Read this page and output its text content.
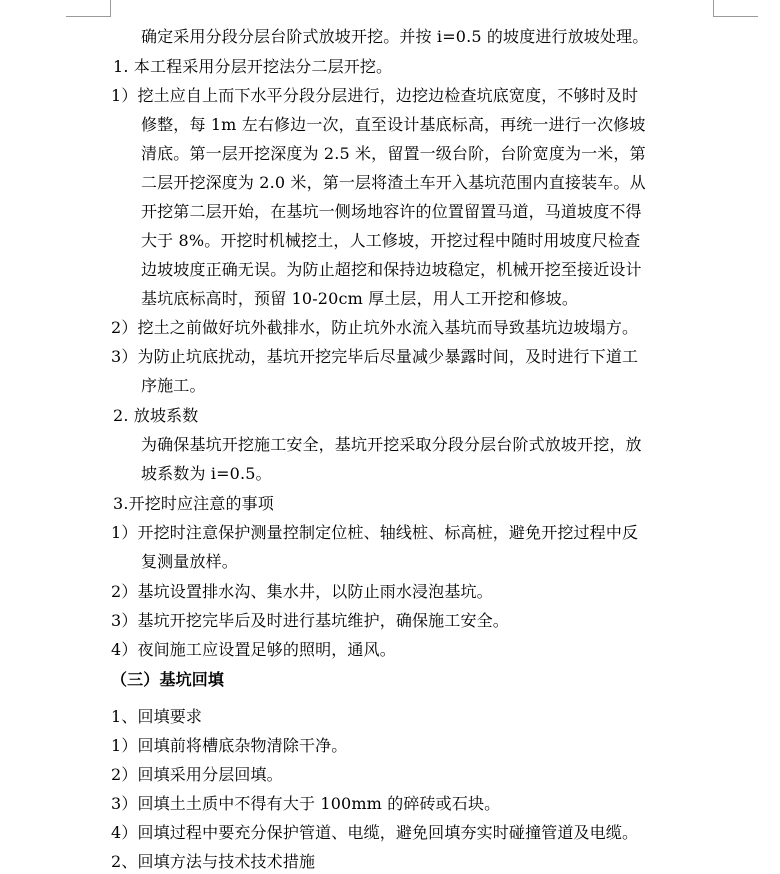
确定采用分段分层台阶式放坡开挖。并按 i=0.5 的坡度进行放坡处理。
1. 本工程采用分层开挖法分二层开挖。
1）挖土应自上而下水平分段分层进行，边挖边检查坑底宽度，不够时及时
修整，每 1m 左右修边一次，直至设计基底标高，再统一进行一次修坡
清底。第一层开挖深度为 2.5 米，留置一级台阶，台阶宽度为一米，第
二层开挖深度为 2.0 米，第一层将渣土车开入基坑范围内直接装车。从
开挖第二层开始，在基坑一侧场地容许的位置留置马道，马道坡度不得
大于 8%。开挖时机械挖土，人工修坡，开挖过程中随时用坡度尺检查
边坡坡度正确无误。为防止超挖和保持边坡稳定，机械开挖至接近设计
基坑底标高时，预留 10-20cm 厚土层，用人工开挖和修坡。
2）挖土之前做好坑外截排水，防止坑外水流入基坑而导致基坑边坡塌方。
3）为防止坑底扰动，基坑开挖完毕后尽量减少暴露时间，及时进行下道工
序施工。
2. 放坡系数
为确保基坑开挖施工安全，基坑开挖采取分段分层台阶式放坡开挖，放
坡系数为 i=0.5。
3.开挖时应注意的事项
1）开挖时注意保护测量控制定位桩、轴线桩、标高桩，避免开挖过程中反
复测量放样。
2）基坑设置排水沟、集水井，以防止雨水浸泡基坑。
3）基坑开挖完毕后及时进行基坑维护，确保施工安全。
4）夜间施工应设置足够的照明，通风。
（三）基坑回填
1、回填要求
1）回填前将槽底杂物清除干净。
2）回填采用分层回填。
3）回填土土质中不得有大于 100mm 的碎砖或石块。
4）回填过程中要充分保护管道、电缆，避免回填夯实时碰撞管道及电缆。
2、回填方法与技术技术措施
